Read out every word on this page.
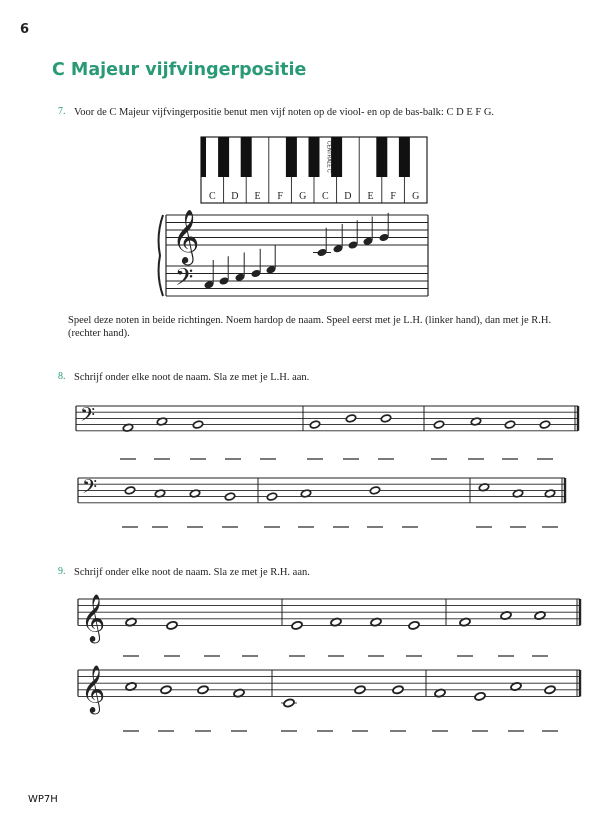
6
C Majeur vijfvingerpositie
7. Voor de C Majeur vijfvingerpositie benut men vijf noten op de viool- en op de bas-balk: C D E F G.
Speel deze noten in beide richtingen. Noem hardop de naam. Speel eerst met je L.H. (linker hand), dan met je R.H. (rechter hand).
8. Schrijf onder elke noot de naam. Sla ze met je L.H. aan.
9. Schrijf onder elke noot de naam. Sla ze met je R.H. aan.
WP7H
C D E F G C D E F G
CENTRALE C
𝄞
𝄢
𝄢
𝄢
𝄞
𝄞
